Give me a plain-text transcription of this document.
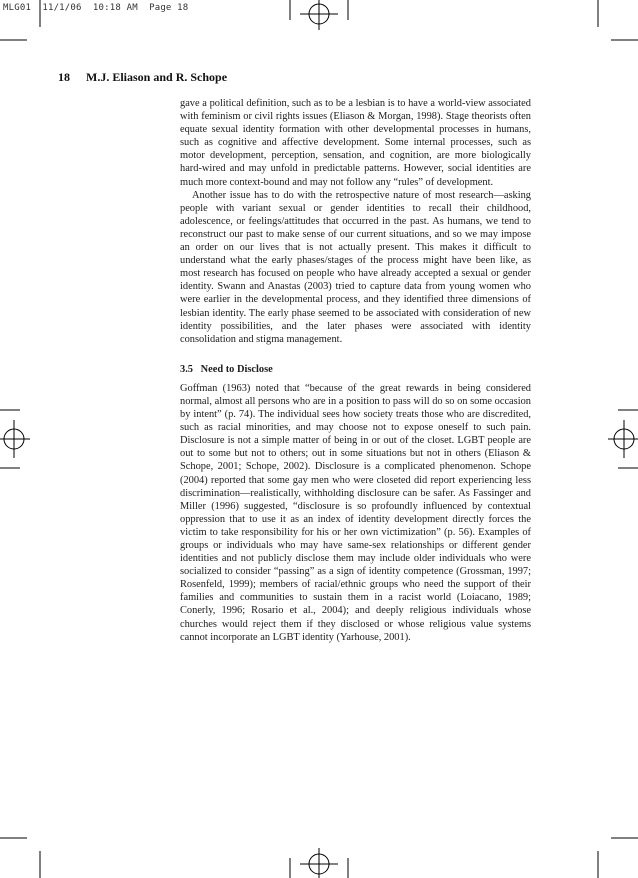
MLG01  11/1/06  10:18 AM  Page 18
18 M.J. Eliason and R. Schope

gave a political definition, such as to be a lesbian is to have a world-view associated with feminism or civil rights issues (Eliason & Morgan, 1998). Stage theorists often equate sexual identity formation with other developmental processes in humans, such as cognitive and affective development. Some internal processes, such as motor development, perception, sensation, and cognition, are more biologically hard-wired and may unfold in predictable patterns. However, social identities are much more context-bound and may not follow any “rules” of development.

Another issue has to do with the retrospective nature of most research—asking people with variant sexual or gender identities to recall their childhood, adolescence, or feelings/attitudes that occurred in the past. As humans, we tend to reconstruct our past to make sense of our current situations, and so we may impose an order on our lives that is not actually present. This makes it difficult to understand what the early phases/stages of the process might have been like, as most research has focused on people who have already accepted a sexual or gender identity. Swann and Anastas (2003) tried to capture data from young women who were earlier in the developmental process, and they identified three dimensions of lesbian identity. The early phase seemed to be associated with consideration of new identity possibilities, and the later phases were associated with identity consolidation and stigma management.

3.5 Need to Disclose

Goffman (1963) noted that “because of the great rewards in being considered normal, almost all persons who are in a position to pass will do so on some occasion by intent” (p. 74). The individual sees how society treats those who are discredited, such as racial minorities, and may choose not to expose oneself to such pain. Disclosure is not a simple matter of being in or out of the closet. LGBT people are out to some but not to others; out in some situations but not in others (Eliason & Schope, 2001; Schope, 2002). Disclosure is a complicated phenomenon. Schope (2004) reported that some gay men who were closeted did report experiencing less discrimination—realistically, withholding disclosure can be safer. As Fassinger and Miller (1996) suggested, “disclosure is so profoundly influenced by contextual oppression that to use it as an index of identity development directly forces the victim to take responsibility for his or her own victimization” (p. 56). Examples of groups or individuals who may have same-sex relationships or different gender identities and not publicly disclose them may include older individuals who were socialized to consider “passing” as a sign of identity competence (Grossman, 1997; Rosenfeld, 1999); members of racial/ethnic groups who need the support of their families and communities to sustain them in a racist world (Loiacano, 1989; Conerly, 1996; Rosario et al., 2004); and deeply religious individuals whose churches would reject them if they disclosed or whose religious value systems cannot incorporate an LGBT identity (Yarhouse, 2001).
